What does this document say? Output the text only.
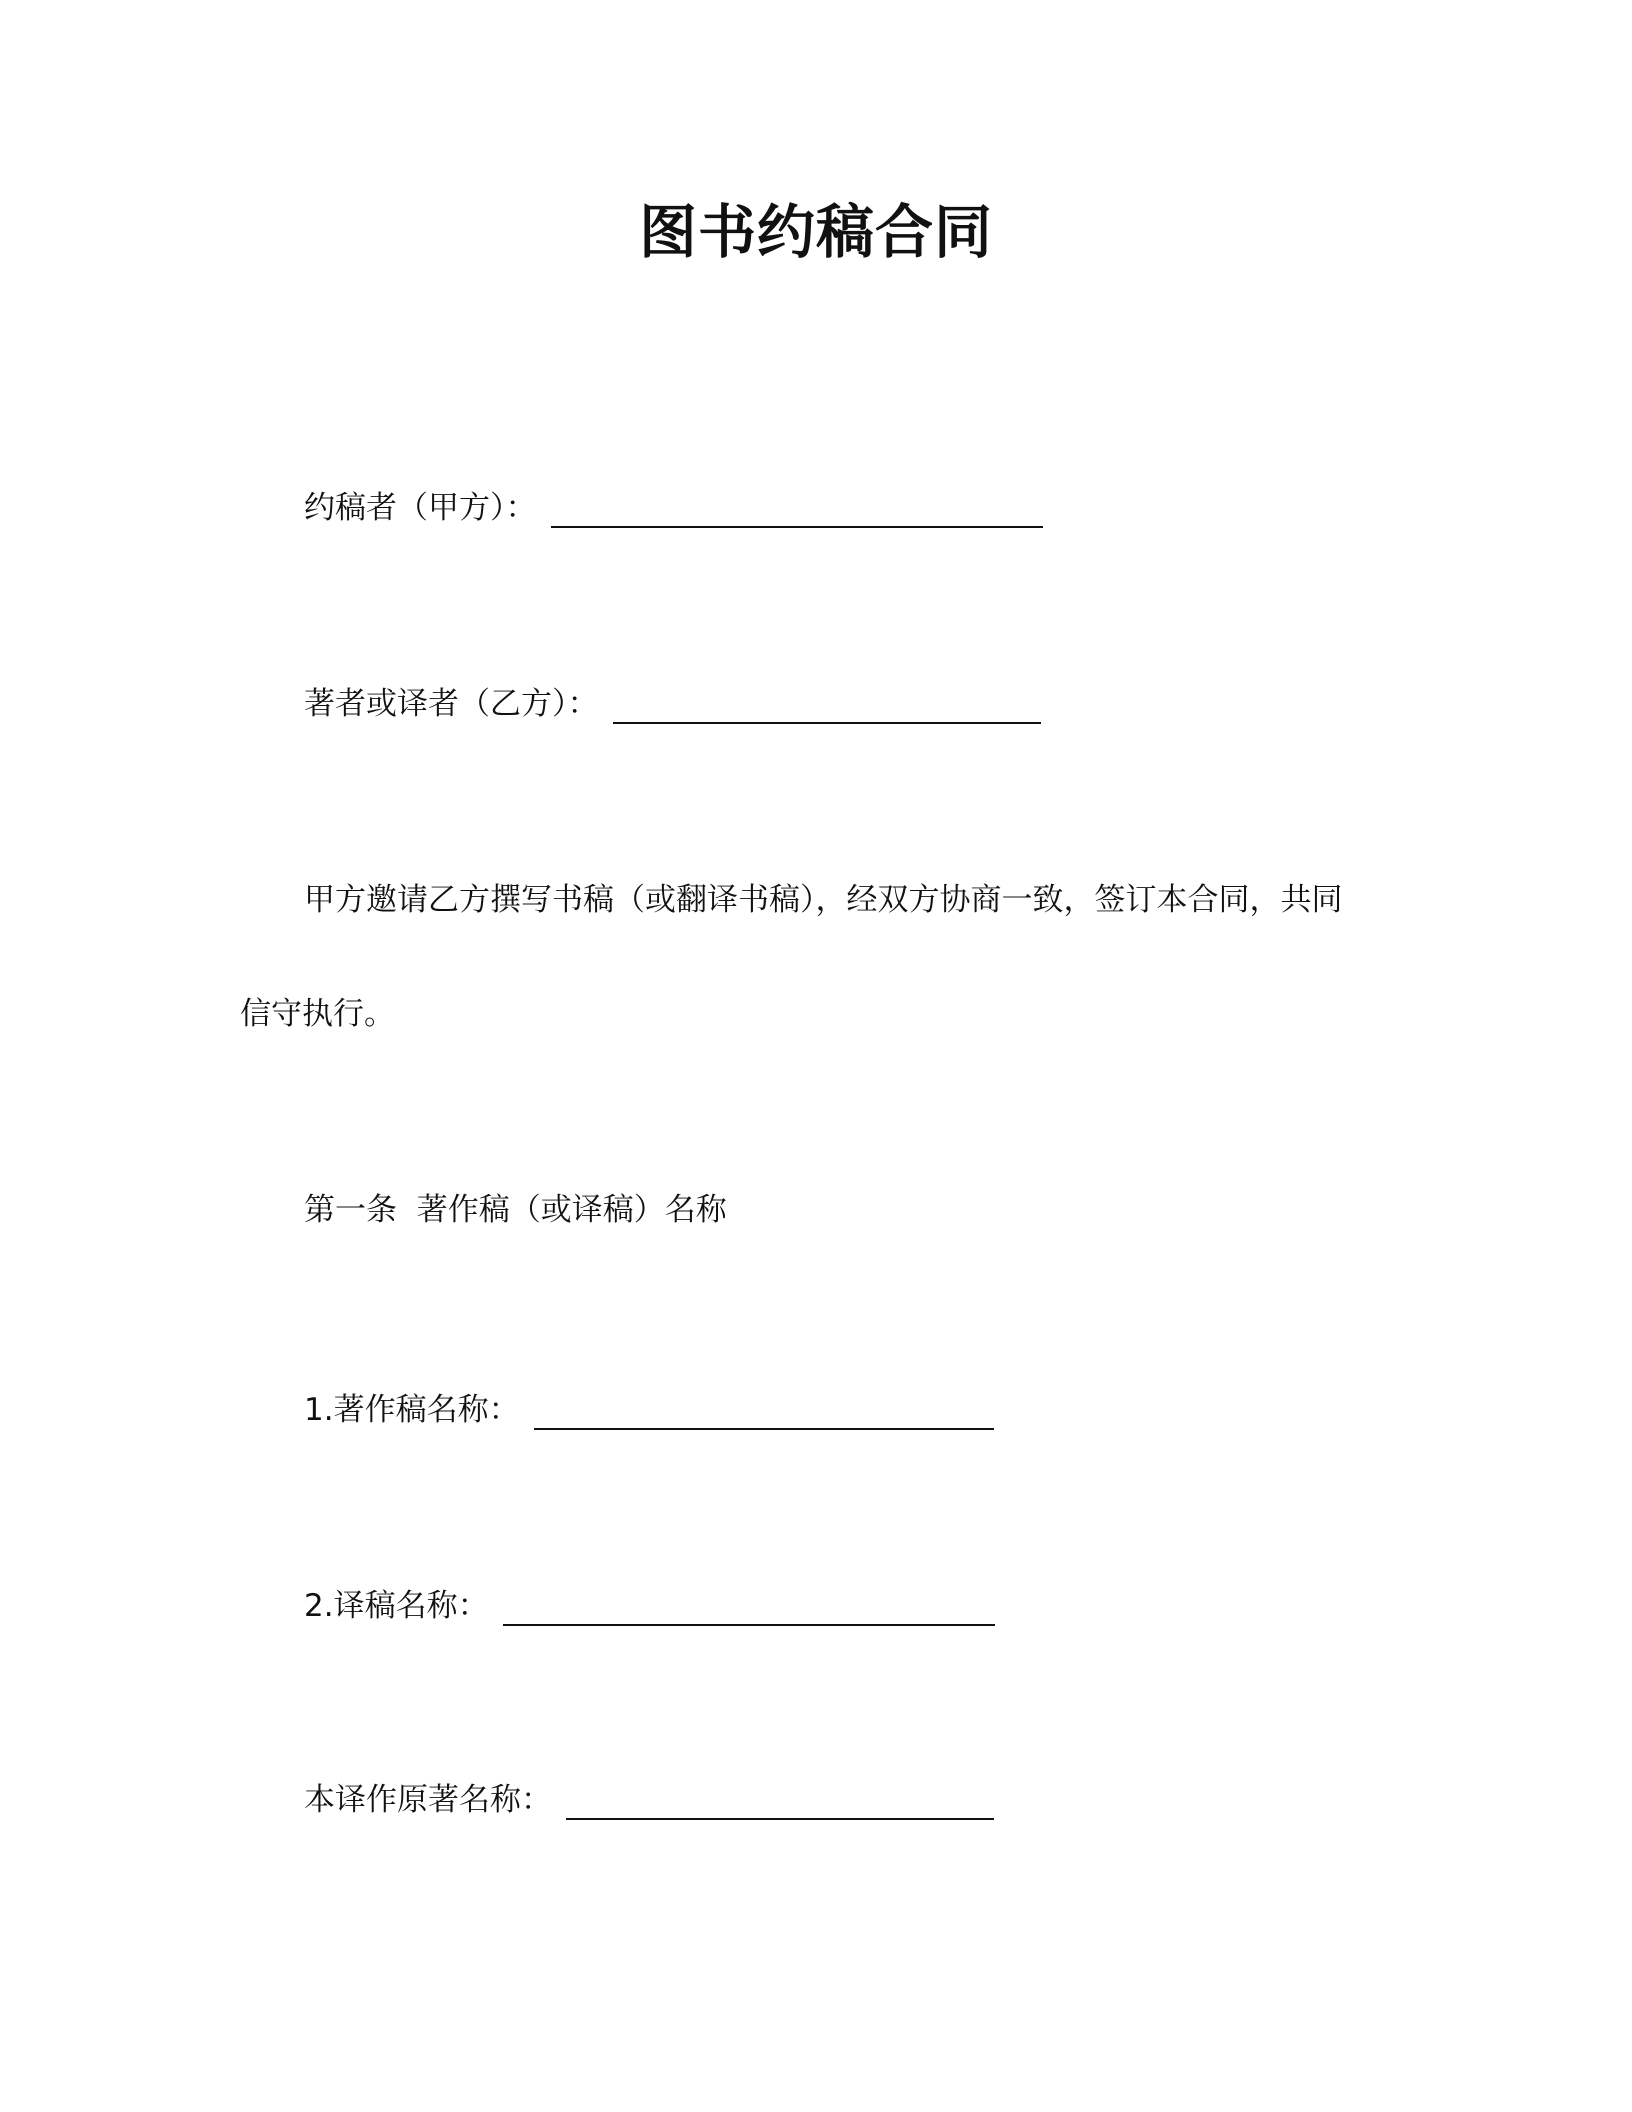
图书约稿合同
约稿者（甲方）：
著者或译者（乙方）：
甲方邀请乙方撰写书稿（或翻译书稿），经双方协商一致，签订本合同，共同
信守执行。
第一条  著作稿（或译稿）名称
1.著作稿名称：
2.译稿名称：
本译作原著名称：
